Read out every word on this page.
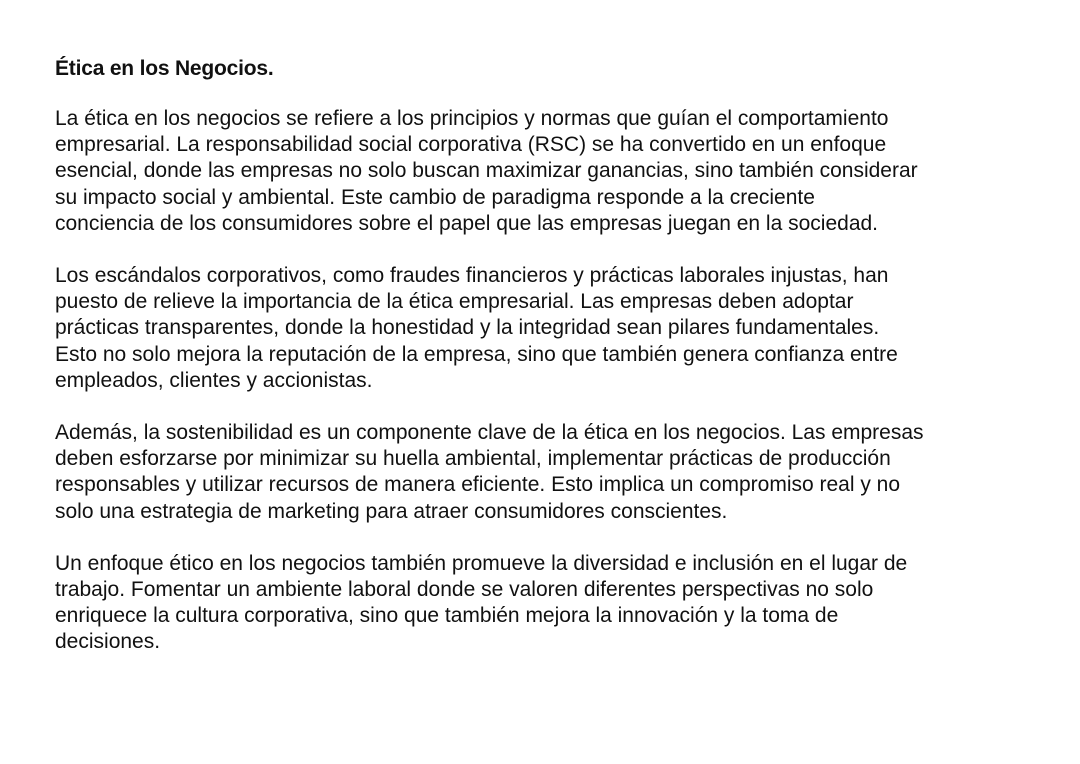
Ética en los Negocios.

La ética en los negocios se refiere a los principios y normas que guían el comportamiento
empresarial. La responsabilidad social corporativa (RSC) se ha convertido en un enfoque
esencial, donde las empresas no solo buscan maximizar ganancias, sino también considerar
su impacto social y ambiental. Este cambio de paradigma responde a la creciente
conciencia de los consumidores sobre el papel que las empresas juegan en la sociedad.

Los escándalos corporativos, como fraudes financieros y prácticas laborales injustas, han
puesto de relieve la importancia de la ética empresarial. Las empresas deben adoptar
prácticas transparentes, donde la honestidad y la integridad sean pilares fundamentales.
Esto no solo mejora la reputación de la empresa, sino que también genera confianza entre
empleados, clientes y accionistas.

Además, la sostenibilidad es un componente clave de la ética en los negocios. Las empresas
deben esforzarse por minimizar su huella ambiental, implementar prácticas de producción
responsables y utilizar recursos de manera eficiente. Esto implica un compromiso real y no
solo una estrategia de marketing para atraer consumidores conscientes.

Un enfoque ético en los negocios también promueve la diversidad e inclusión en el lugar de
trabajo. Fomentar un ambiente laboral donde se valoren diferentes perspectivas no solo
enriquece la cultura corporativa, sino que también mejora la innovación y la toma de
decisiones.
